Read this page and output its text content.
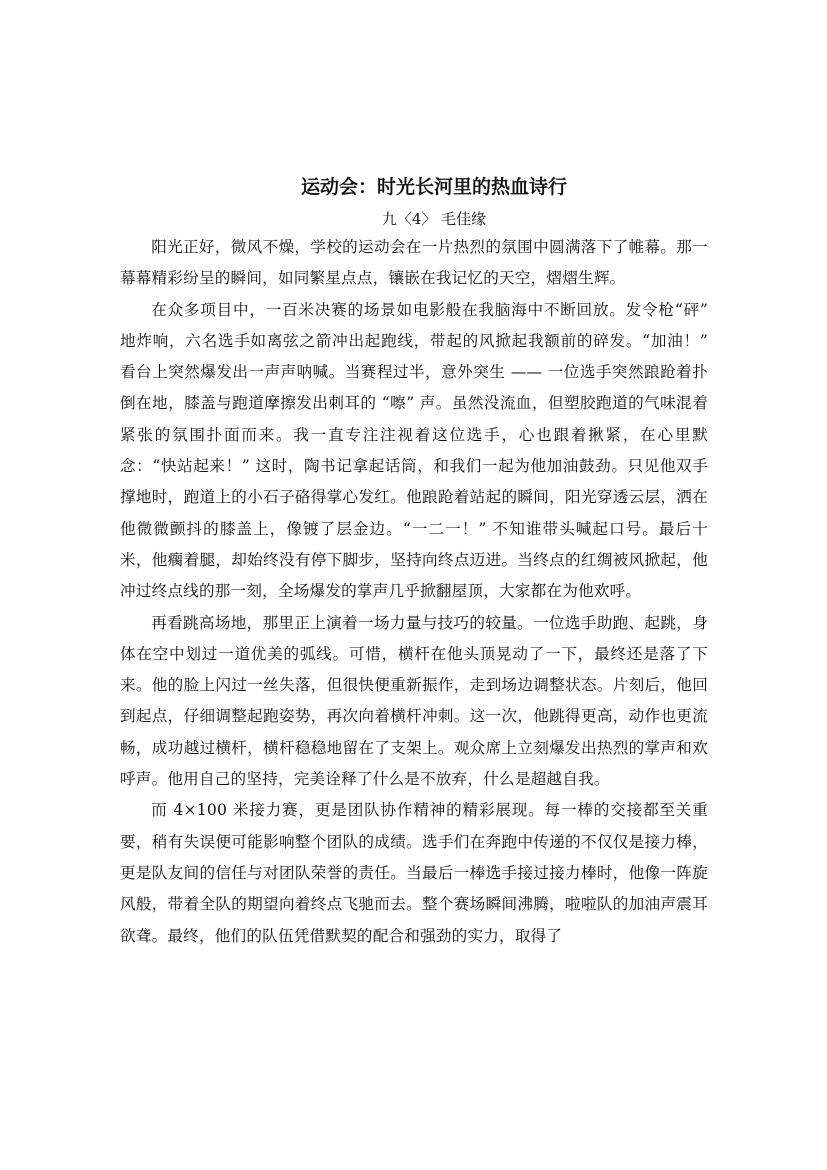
运动会：时光长河里的热血诗行

九〈4〉 毛佳缘

阳光正好，微风不燥，学校的运动会在一片热烈的氛围中圆满落下了帷幕。那一幕幕精彩纷呈的瞬间，如同繁星点点，镶嵌在我记忆的天空，熠熠生辉。

在众多项目中，一百米决赛的场景如电影般在我脑海中不断回放。发令枪“砰” 地炸响，六名选手如离弦之箭冲出起跑线，带起的风掀起我额前的碎发。“加油！” 看台上突然爆发出一声声呐喊。当赛程过半，意外突生 —— 一位选手突然踉跄着扑倒在地，膝盖与跑道摩擦发出刺耳的 “嚓” 声。虽然没流血，但塑胶跑道的气味混着紧张的氛围扑面而来。我一直专注注视着这位选手，心也跟着揪紧，在心里默念：“快站起来！” 这时，陶书记拿起话筒，和我们一起为他加油鼓劲。只见他双手撑地时，跑道上的小石子硌得掌心发红。他踉跄着站起的瞬间，阳光穿透云层，洒在他微微颤抖的膝盖上，像镀了层金边。“一二一！” 不知谁带头喊起口号。最后十米，他瘸着腿，却始终没有停下脚步，坚持向终点迈进。当终点的红绸被风掀起，他冲过终点线的那一刻，全场爆发的掌声几乎掀翻屋顶，大家都在为他欢呼。

再看跳高场地，那里正上演着一场力量与技巧的较量。一位选手助跑、起跳，身体在空中划过一道优美的弧线。可惜，横杆在他头顶晃动了一下，最终还是落了下来。他的脸上闪过一丝失落，但很快便重新振作，走到场边调整状态。片刻后，他回到起点，仔细调整起跑姿势，再次向着横杆冲刺。这一次，他跳得更高，动作也更流畅，成功越过横杆，横杆稳稳地留在了支架上。观众席上立刻爆发出热烈的掌声和欢呼声。他用自己的坚持，完美诠释了什么是不放弃，什么是超越自我。

而 4×100 米接力赛，更是团队协作精神的精彩展现。每一棒的交接都至关重要，稍有失误便可能影响整个团队的成绩。选手们在奔跑中传递的不仅仅是接力棒，更是队友间的信任与对团队荣誉的责任。当最后一棒选手接过接力棒时，他像一阵旋风般，带着全队的期望向着终点飞驰而去。整个赛场瞬间沸腾，啦啦队的加油声震耳欲聋。最终，他们的队伍凭借默契的配合和强劲的实力，取得了
